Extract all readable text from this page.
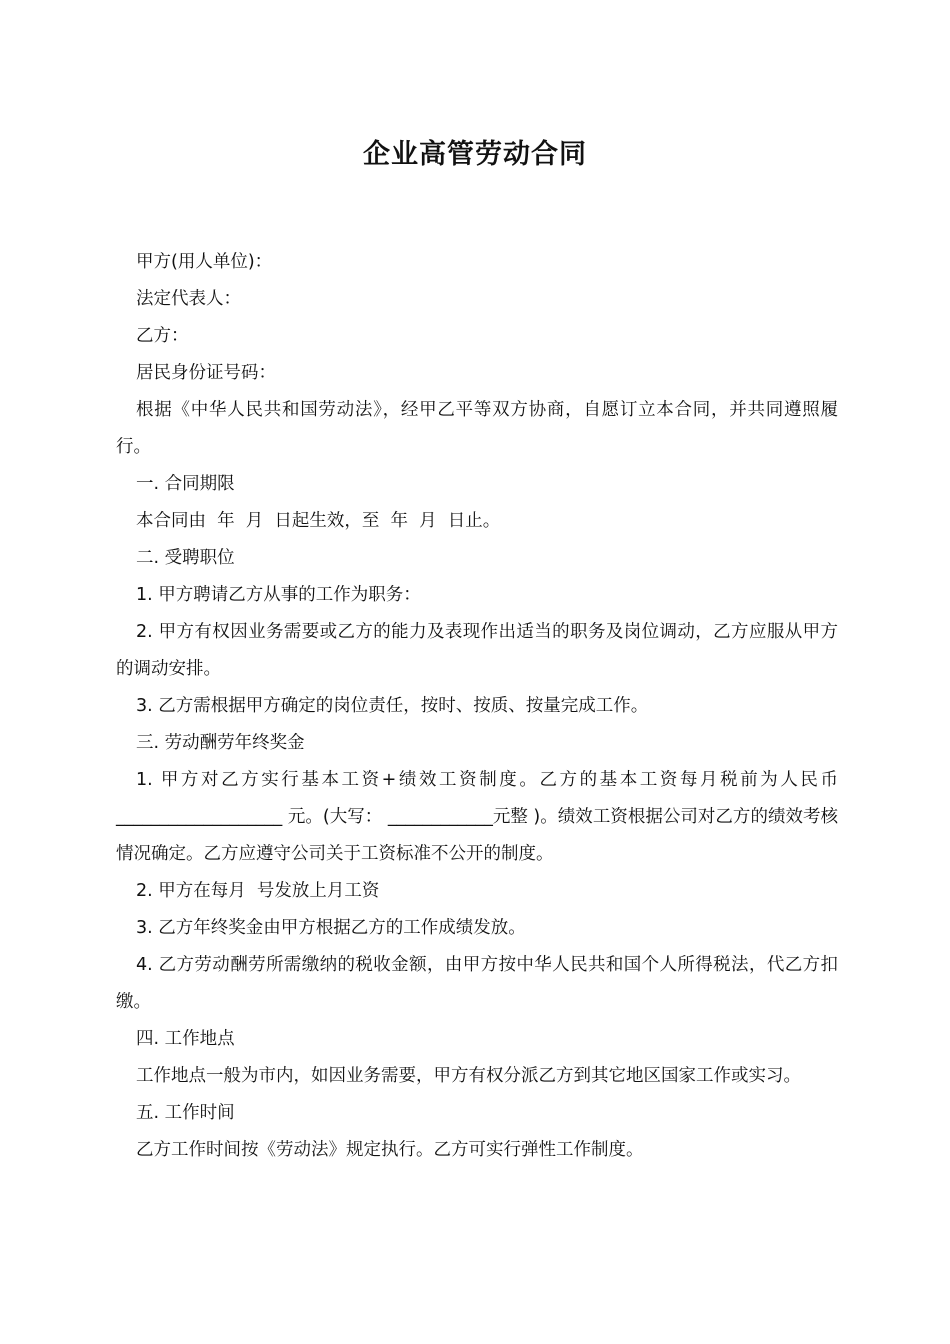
企业高管劳动合同

甲方(用人单位)：

法定代表人：

乙方：

居民身份证号码：

根据《中华人民共和国劳动法》，经甲乙平等双方协商，自愿订立本合同，并共同遵照履行。

一. 合同期限

本合同由  年  月  日起生效，至  年  月  日止。

二. 受聘职位

1. 甲方聘请乙方从事的工作为职务：

2. 甲方有权因业务需要或乙方的能力及表现作出适当的职务及岗位调动，乙方应服从甲方的调动安排。

3. 乙方需根据甲方确定的岗位责任，按时、按质、按量完成工作。

三. 劳动酬劳年终奖金

1. 甲方对乙方实行基本工资+绩效工资制度。乙方的基本工资每月税前为人民币 ___________________ 元。(大写： ____________元整 )。绩效工资根据公司对乙方的绩效考核情况确定。乙方应遵守公司关于工资标准不公开的制度。

2. 甲方在每月  号发放上月工资

3. 乙方年终奖金由甲方根据乙方的工作成绩发放。

4. 乙方劳动酬劳所需缴纳的税收金额，由甲方按中华人民共和国个人所得税法，代乙方扣缴。

四. 工作地点

工作地点一般为市内，如因业务需要，甲方有权分派乙方到其它地区国家工作或实习。

五. 工作时间

乙方工作时间按《劳动法》规定执行。乙方可实行弹性工作制度。
